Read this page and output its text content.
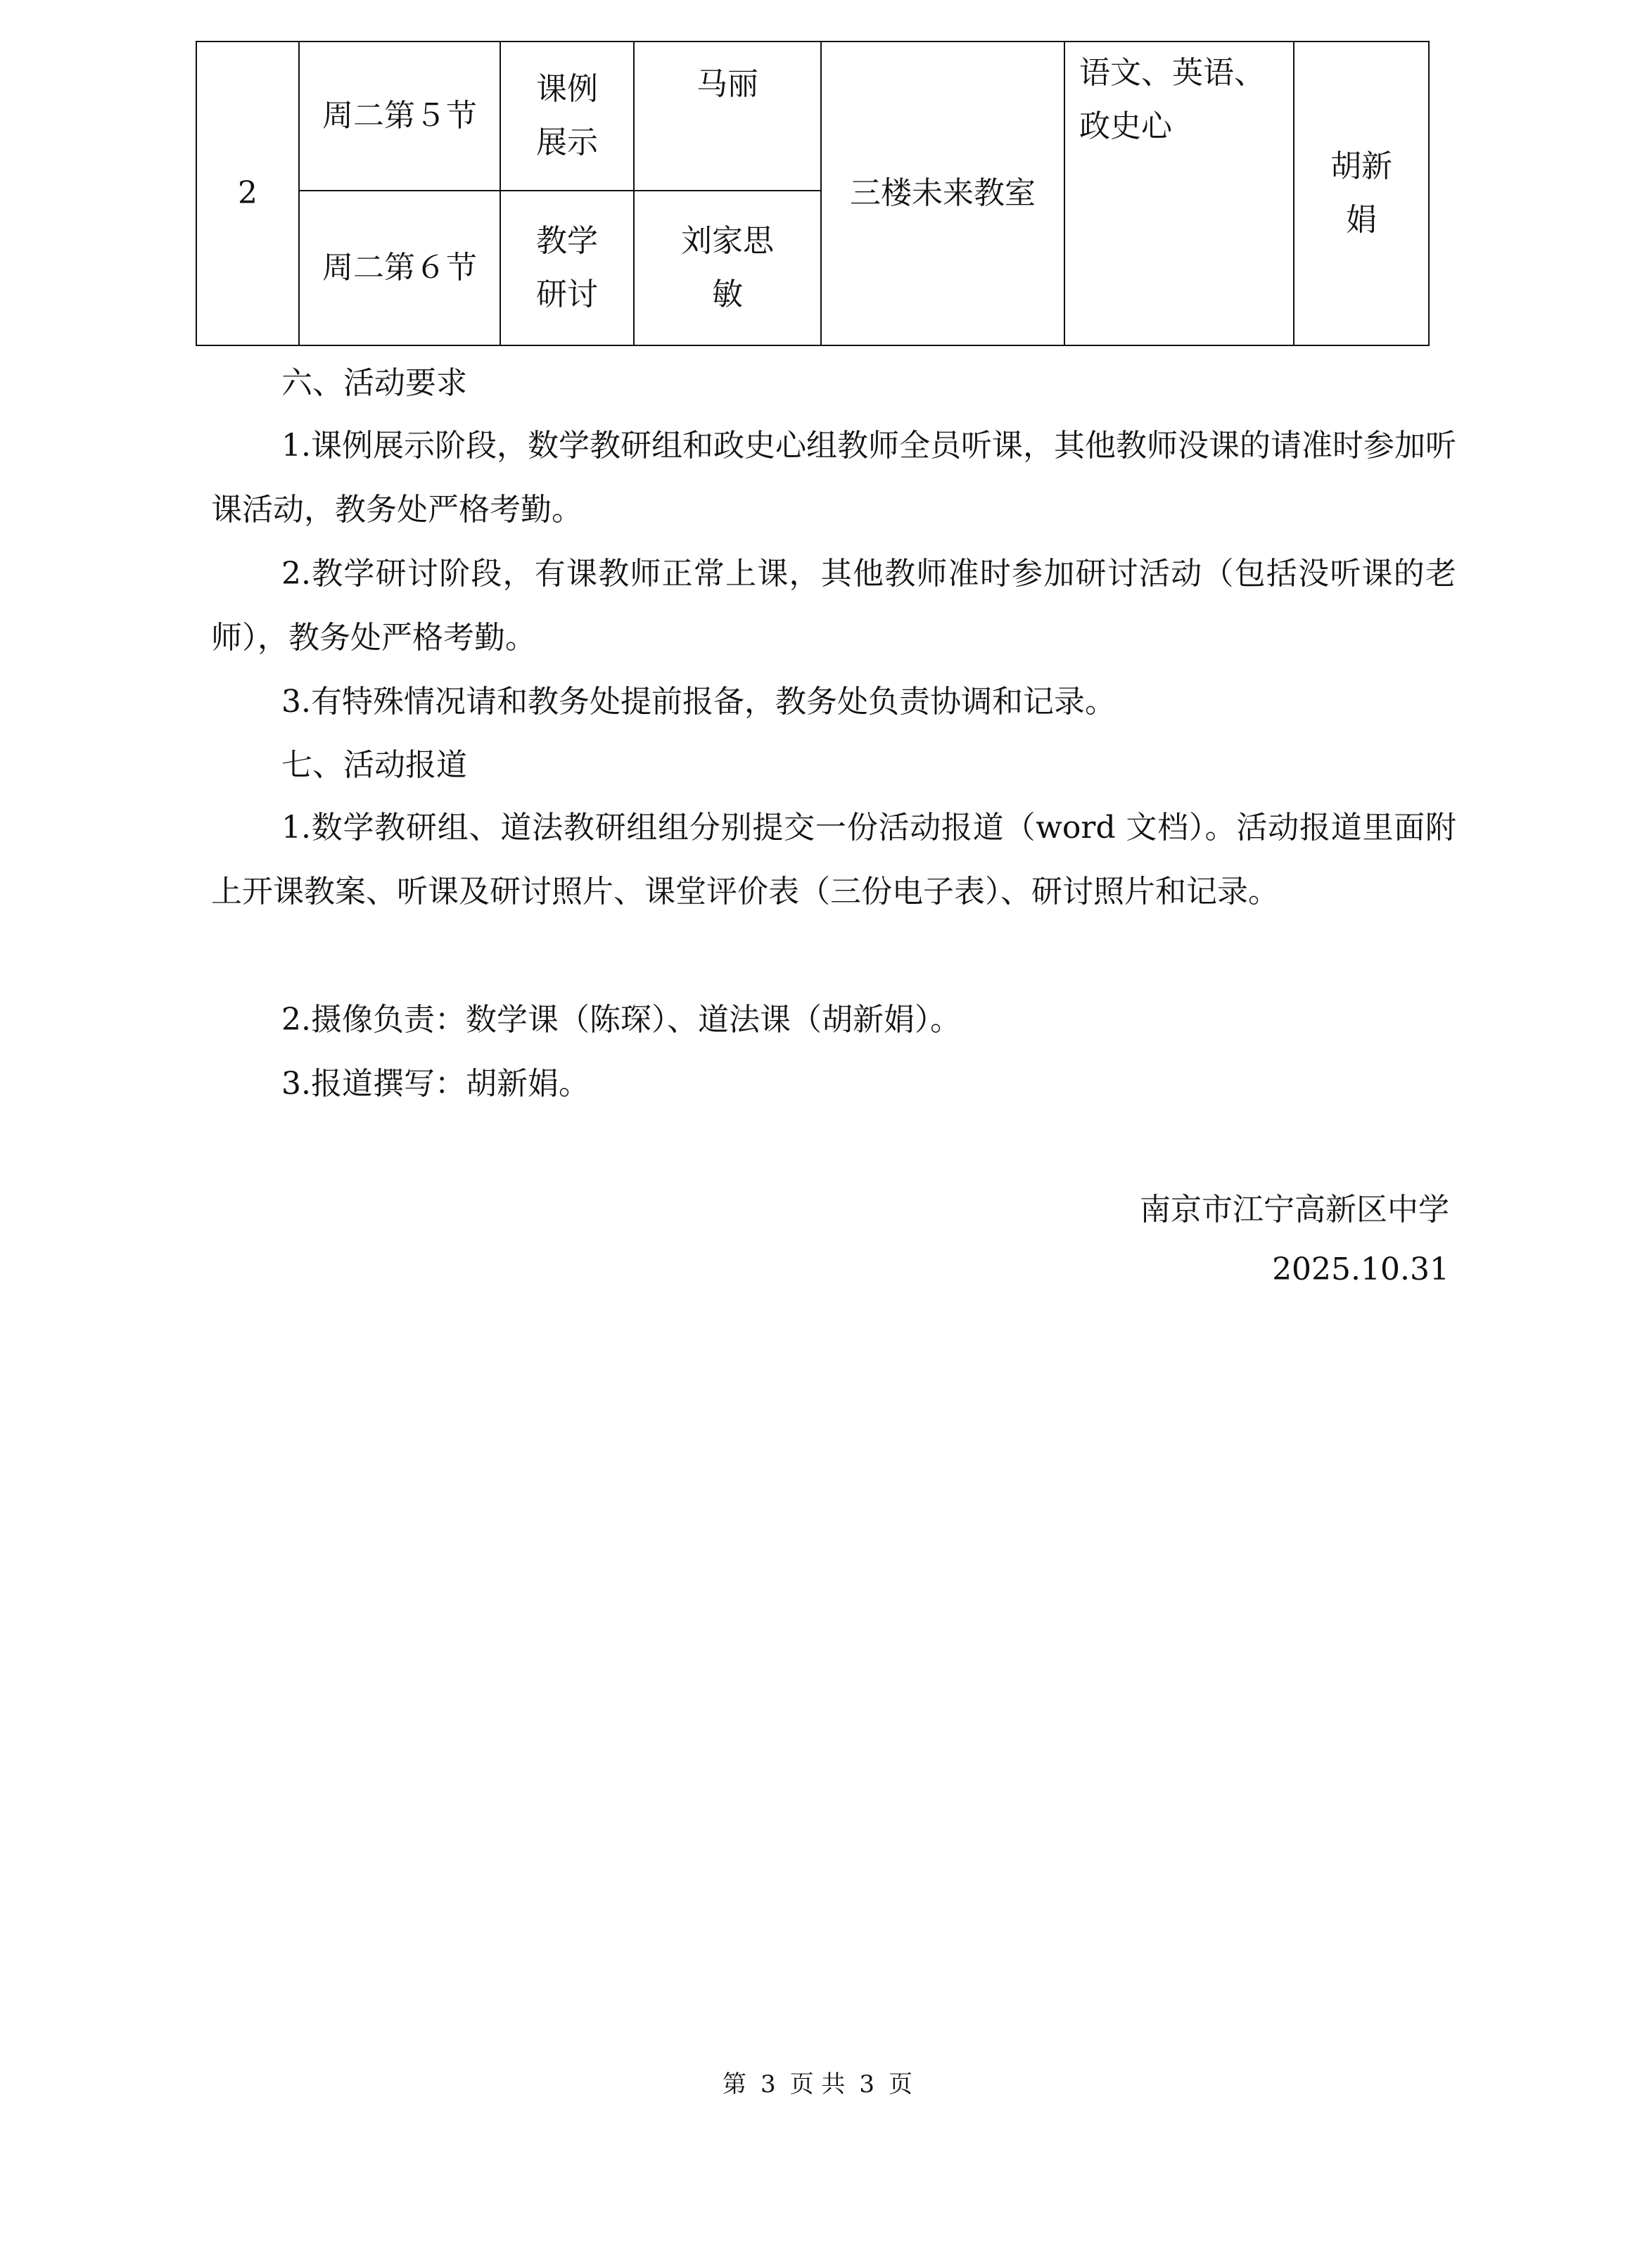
2	周二第５节	课例
展示	马丽	三楼未来教室	语文、英语、
政史心	胡新
娟

	周二第６节	教学
研讨	刘家思
敏			

六、活动要求

1.课例展示阶段，数学教研组和政史心组教师全员听课，其他教师没课的请准时参加听课活动，教务处严格考勤。

2.教学研讨阶段，有课教师正常上课，其他教师准时参加研讨活动（包括没听课的老师），教务处严格考勤。

3.有特殊情况请和教务处提前报备，教务处负责协调和记录。

七、活动报道

1.数学教研组、道法教研组组分别提交一份活动报道（word 文档）。活动报道里面附上开课教案、听课及研讨照片、课堂评价表（三份电子表）、研讨照片和记录。

2.摄像负责：数学课（陈琛）、道法课（胡新娟）。

3.报道撰写：胡新娟。

南京市江宁高新区中学

2025.10.31

第 3 页 共 3 页
